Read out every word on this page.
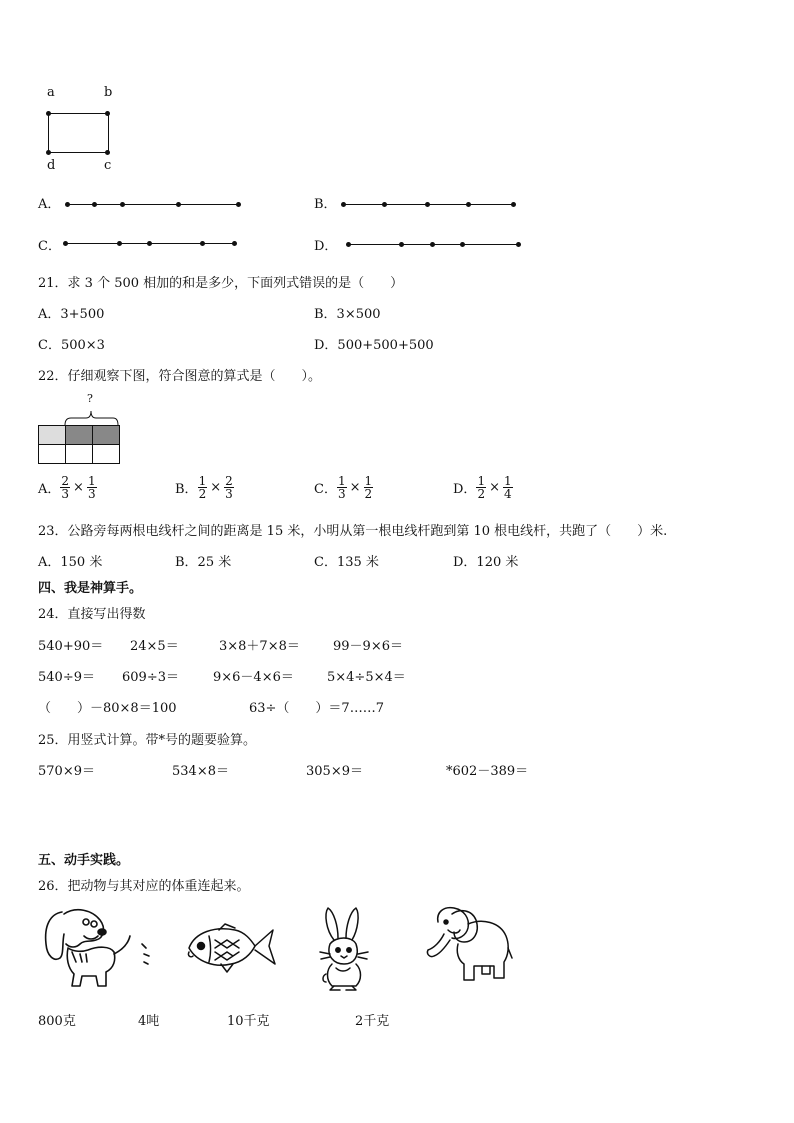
a	b
d	c
A．	B．
C．	D．
21．求 3 个 500 相加的和是多少，下面列式错误的是（　　）
A．3+500	B．3×500
C．500×3	D．500+500+500
22．仔细观察下图，符合图意的算式是（　　）。
?
A． $\frac{2}{3} \times \frac{1}{3}$	B． $\frac{1}{2} \times \frac{2}{3}$	C． $\frac{1}{3} \times \frac{1}{2}$	D． $\frac{1}{2} \times \frac{1}{4}$
23．公路旁每两根电线杆之间的距离是 15 米，小明从第一根电线杆跑到第 10 根电线杆，共跑了（　　）米.
A．150 米	B．25 米	C．135 米	D．120 米
四、我是神算手。
24．直接写出得数
540+90＝ 24×5＝	3×8＋7×8＝	99－9×6＝
540÷9＝ 609÷3＝	9×6－4×6＝	5×4÷5×4＝
（　　）－80×8＝100	63÷（　　）＝7……7
25．用竖式计算。带*号的题要验算。
570×9＝	534×8＝	305×9＝	*602－389＝
五、动手实践。
26．把动物与其对应的体重连起来。
800克	4吨	10千克	2千克
